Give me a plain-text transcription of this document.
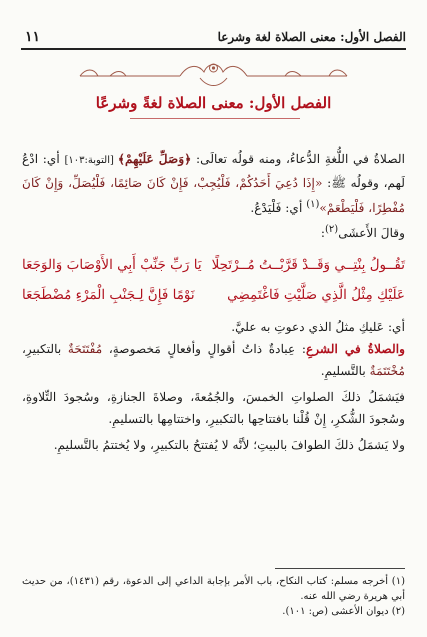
الفصل الأول: معنى الصلاة لغة وشرعا
١١
الفصل الأول: معنى الصلاة لغةً وشرعًا

الصلاةُ في اللُّغةِ الدُّعاءُ، ومنه قولُه تعالَى: ﴿وَصَلِّ عَلَيْهِمْ﴾ [التوبة:١٠٣] أي: ادْعُ لَهم، وقولُه ﷺ: «إِذَا دُعِيَ أَحَدُكُمْ، فَلْيُجِبْ، فَإِنْ كَانَ صَائِمًا، فَلْيُصَلِّ، وَإِنْ كَانَ مُفْطِرًا، فَلْيَطْعَمْ»$^{(١)}$ أي: فَلْيَدْعُ.

وقالَ الأَعشَى$^{(٢)}$:

تَقُــولُ بِنْتِــي وَقَــدْ قَرَّبْــتُ مُــرْتَحِلًا
يَا رَبِّ جَنِّبْ أَبِي الأَوْصَابَ وَالوَجَعَا
عَلَيْكِ مِثْلُ الَّذِي صَلَّيْتِ فَاغْتَمِضِي
نَوْمًا فَإِنَّ لِـجَنْبِ الْمَرْءِ مُضْطَجَعَا

أي: عَليكِ مثلُ الذي دعوتِ به عليَّ.

والصلاةُ في الشرعِ: عِبادةٌ ذاتُ أقوالٍ وأفعالٍ مَخصوصةٍ، مُفْتَتَحَةٌ بالتكبيرِ، مُخْتَتَمَةٌ بالتَّسليمِ.

فيَشمَلُ ذلكَ الصلواتِ الخمسَ، والجُمُعةَ، وصلاةَ الجنازةِ، وسُجودَ التِّلاوةِ، وسُجودَ الشُّكرِ، إِنْ قُلْنا بافتتاحِها بالتكبيرِ، واختتامِها بالتسليمِ.

ولا يَشمَلُ ذلكَ الطوافَ بالبيتِ؛ لأنَّه لا يُفتتحُ بالتكبيرِ، ولا يُختتمُ بالتَّسليمِ.

(١) أخرجه مسلم: كتاب النكاح، باب الأمر بإجابة الداعي إلى الدعوة، رقم (١٤٣١)، من حديث أبي هريرة رضي الله عنه.

(٢) ديوان الأعشى (ص: ١٠١).
